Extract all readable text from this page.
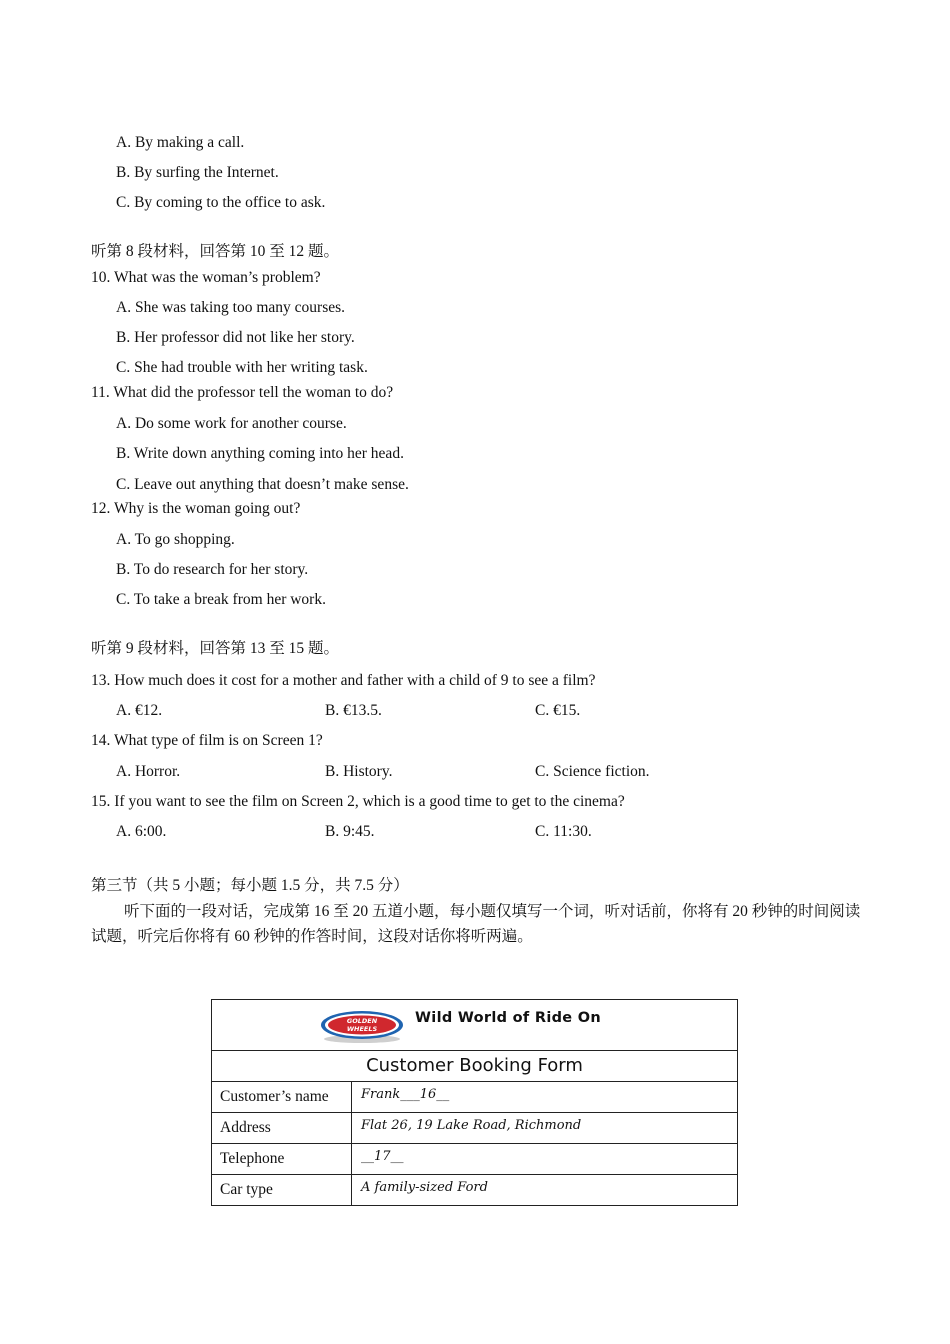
A. By making a call.
B. By surfing the Internet.
C. By coming to the office to ask.
听第 8 段材料，回答第 10 至 12 题。
10. What was the woman’s problem?
A. She was taking too many courses.
B. Her professor did not like her story.
C. She had trouble with her writing task.
11. What did the professor tell the woman to do?
A. Do some work for another course.
B. Write down anything coming into her head.
C. Leave out anything that doesn’t make sense.
12. Why is the woman going out?
A. To go shopping.
B. To do research for her story.
C. To take a break from her work.
听第 9 段材料，回答第 13 至 15 题。
13. How much does it cost for a mother and father with a child of 9 to see a film?
A. €12.	B. €13.5.	C. €15.
14. What type of film is on Screen 1?
A. Horror.	B. History.	C. Science fiction.
15. If you want to see the film on Screen 2, which is a good time to get to the cinema?
A. 6:00.	B. 9:45.	C. 11:30.
第三节（共 5 小题；每小题 1.5 分，共 7.5 分）
听下面的一段对话，完成第 16 至 20 五道小题，每小题仅填写一个词，听对话前，你将有 20 秒钟的时间阅读试题，听完后你将有 60 秒钟的作答时间，这段对话你将听两遍。
GOLDEN
WHEELS
Wild World of Ride On
Customer Booking Form
Customer’s name	Frank___16__
Address	Flat 26, 19 Lake Road, Richmond
Telephone	__17__
Car type	A family-sized Ford
